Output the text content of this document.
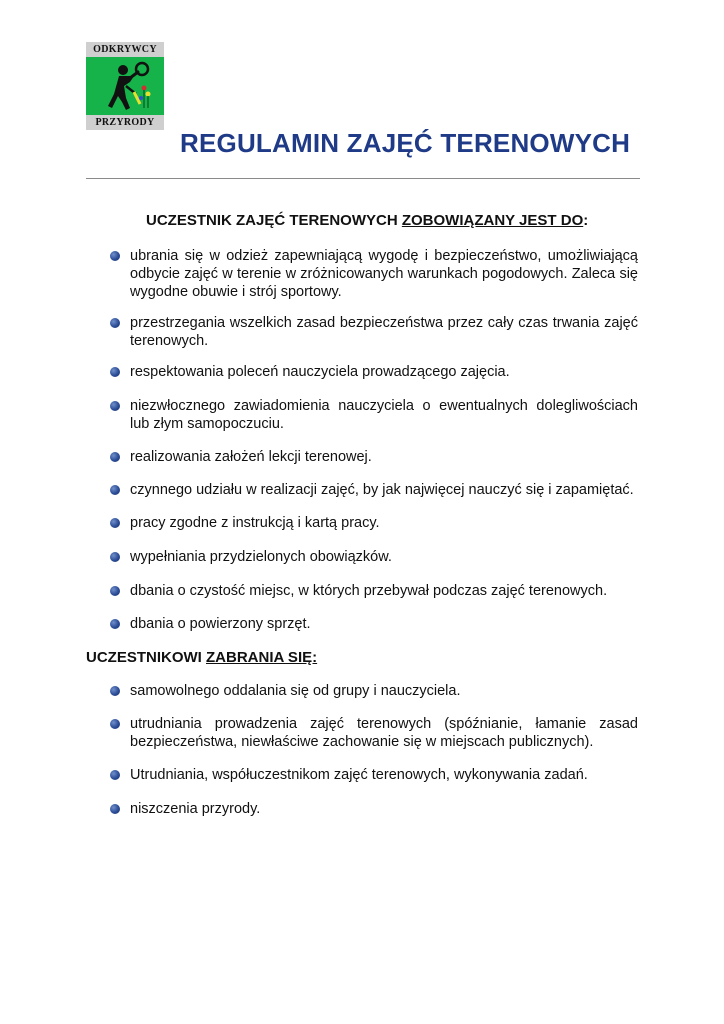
ODKRYWCY
PRZYRODY
REGULAMIN ZAJĘĆ TERENOWYCH
UCZESTNIK ZAJĘĆ TERENOWYCH ZOBOWIĄZANY JEST DO:
ubrania się w odzież zapewniającą wygodę i bezpieczeństwo, umożliwiającą odbycie zajęć w terenie w zróżnicowanych warunkach pogodowych. Zaleca się wygodne obuwie i strój sportowy.
przestrzegania wszelkich zasad bezpieczeństwa przez cały czas trwania zajęć terenowych.
respektowania poleceń nauczyciela prowadzącego zajęcia.
niezwłocznego zawiadomienia nauczyciela o ewentualnych dolegliwościach lub złym samopoczuciu.
realizowania założeń lekcji terenowej.
czynnego udziału w realizacji zajęć, by jak najwięcej nauczyć się i zapamiętać.
pracy zgodne z instrukcją i kartą pracy.
wypełniania przydzielonych obowiązków.
dbania o czystość miejsc, w których przebywał podczas zajęć terenowych.
dbania o powierzony sprzęt.
UCZESTNIKOWI ZABRANIA SIĘ:
samowolnego oddalania się od grupy i nauczyciela.
utrudniania prowadzenia zajęć terenowych (spóźnianie, łamanie zasad bezpieczeństwa, niewłaściwe zachowanie się w miejscach publicznych).
Utrudniania, współuczestnikom zajęć terenowych, wykonywania zadań.
niszczenia przyrody.
